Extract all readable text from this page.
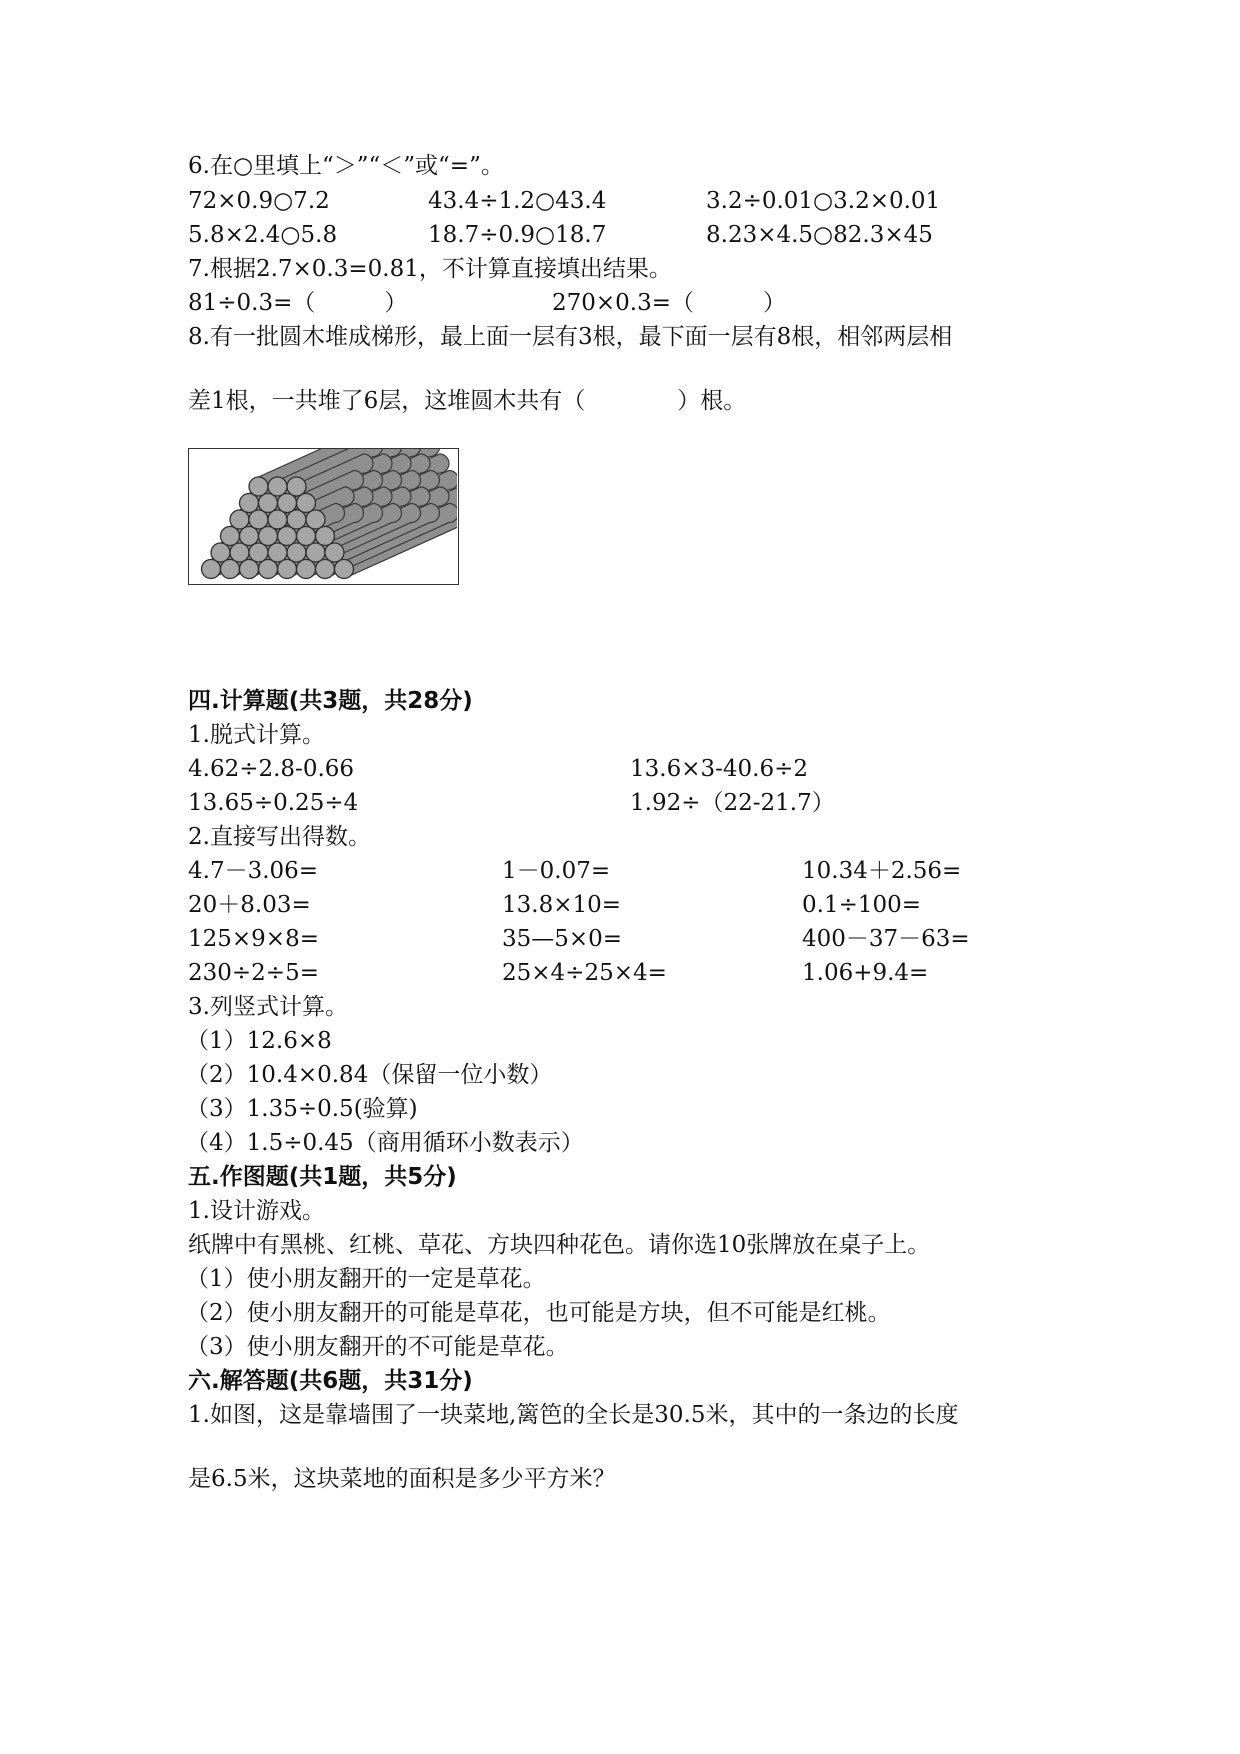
6.在○里填上“＞”“＜”或“=”。
72×0.9○7.2	43.4÷1.2○43.4	3.2÷0.01○3.2×0.01
5.8×2.4○5.8	18.7÷0.9○18.7	8.23×4.5○82.3×45
7.根据2.7×0.3=0.81，不计算直接填出结果。
81÷0.3=（　　　）	270×0.3=（　　　）
8.有一批圆木堆成梯形，最上面一层有3根，最下面一层有8根，相邻两层相
差1根，一共堆了6层，这堆圆木共有（　　　　）根。
四.计算题(共3题，共28分)
1.脱式计算。
4.62÷2.8-0.66	13.6×3-40.6÷2
13.65÷0.25÷4	1.92÷（22-21.7）
2.直接写出得数。
4.7－3.06=	1－0.07=	10.34＋2.56=
20＋8.03=	13.8×10=	0.1÷100=
125×9×8=	35—5×0=	400－37－63=
230÷2÷5=	25×4÷25×4=	1.06+9.4=
3.列竖式计算。
（1）12.6×8
（2）10.4×0.84（保留一位小数）
（3）1.35÷0.5(验算)
（4）1.5÷0.45（商用循环小数表示）
五.作图题(共1题，共5分)
1.设计游戏。
纸牌中有黑桃、红桃、草花、方块四种花色。请你选10张牌放在桌子上。
（1）使小朋友翻开的一定是草花。
（2）使小朋友翻开的可能是草花，也可能是方块，但不可能是红桃。
（3）使小朋友翻开的不可能是草花。
六.解答题(共6题，共31分)
1.如图，这是靠墙围了一块菜地,篱笆的全长是30.5米，其中的一条边的长度
是6.5米，这块菜地的面积是多少平方米？
